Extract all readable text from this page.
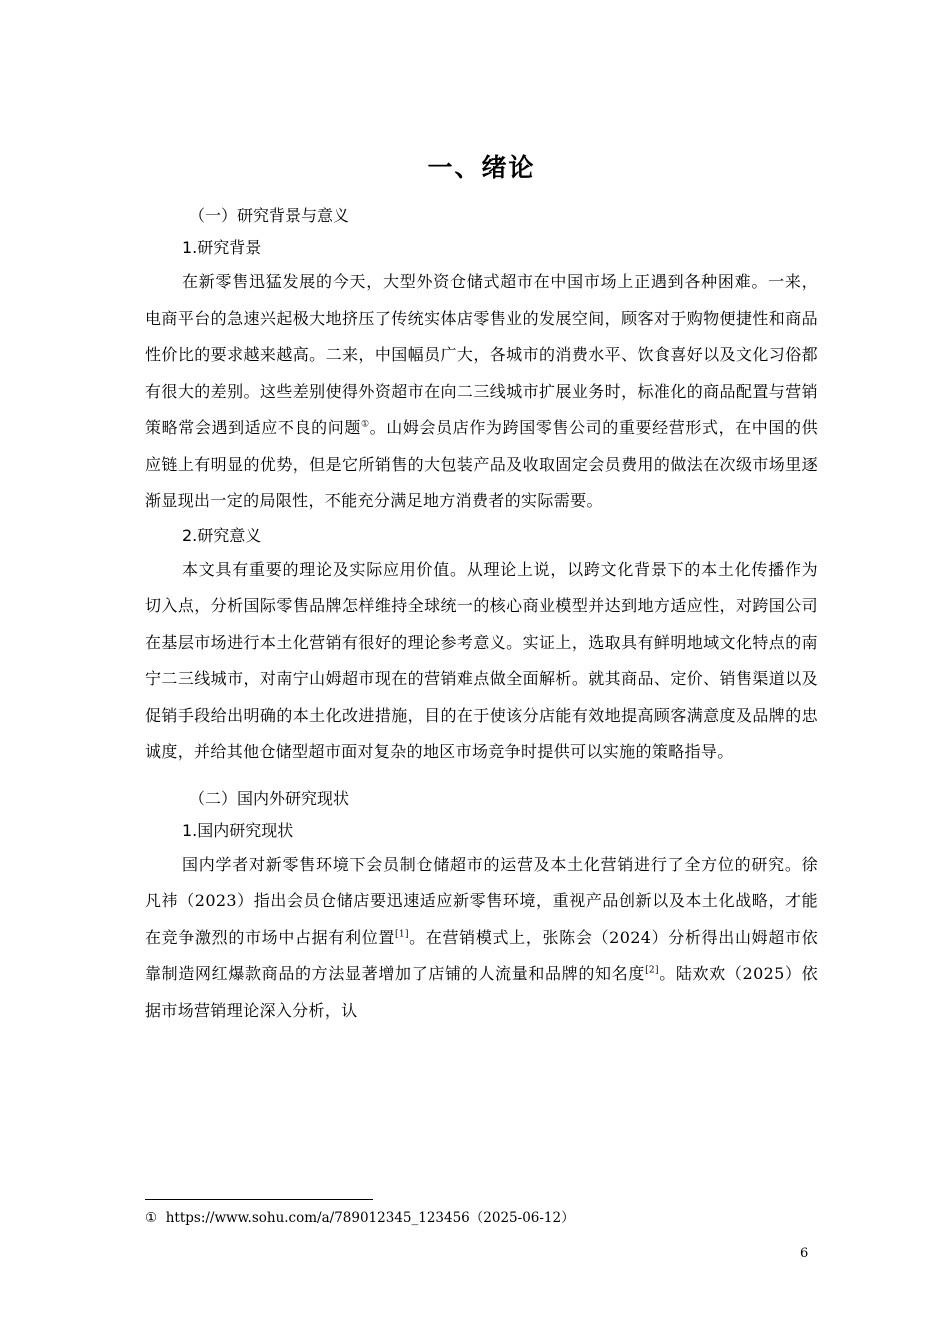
一、绪论
（一）研究背景与意义
1.研究背景

在新零售迅猛发展的今天，大型外资仓储式超市在中国市场上正遇到各种困难。一来，电商平台的急速兴起极大地挤压了传统实体店零售业的发展空间，顾客对于购物便捷性和商品性价比的要求越来越高。二来，中国幅员广大，各城市的消费水平、饮食喜好以及文化习俗都有很大的差别。这些差别使得外资超市在向二三线城市扩展业务时，标准化的商品配置与营销策略常会遇到适应不良的问题①。山姆会员店作为跨国零售公司的重要经营形式，在中国的供应链上有明显的优势，但是它所销售的大包装产品及收取固定会员费用的做法在次级市场里逐渐显现出一定的局限性，不能充分满足地方消费者的实际需要。

2.研究意义

本文具有重要的理论及实际应用价值。从理论上说，以跨文化背景下的本土化传播作为切入点，分析国际零售品牌怎样维持全球统一的核心商业模型并达到地方适应性，对跨国公司在基层市场进行本土化营销有很好的理论参考意义。实证上，选取具有鲜明地域文化特点的南宁二三线城市，对南宁山姆超市现在的营销难点做全面解析。就其商品、定价、销售渠道以及促销手段给出明确的本土化改进措施，目的在于使该分店能有效地提高顾客满意度及品牌的忠诚度，并给其他仓储型超市面对复杂的地区市场竞争时提供可以实施的策略指导。

（二）国内外研究现状
1.国内研究现状

国内学者对新零售环境下会员制仓储超市的运营及本土化营销进行了全方位的研究。徐凡祎（2023）指出会员仓储店要迅速适应新零售环境，重视产品创新以及本土化战略，才能在竞争激烈的市场中占据有利位置[1]。在营销模式上，张陈会（2024）分析得出山姆超市依靠制造网红爆款商品的方法显著增加了店铺的人流量和品牌的知名度[2]。陆欢欢（2025）依据市场营销理论深入分析，认

① https://www.sohu.com/a/789012345_123456（2025-06-12）
6
